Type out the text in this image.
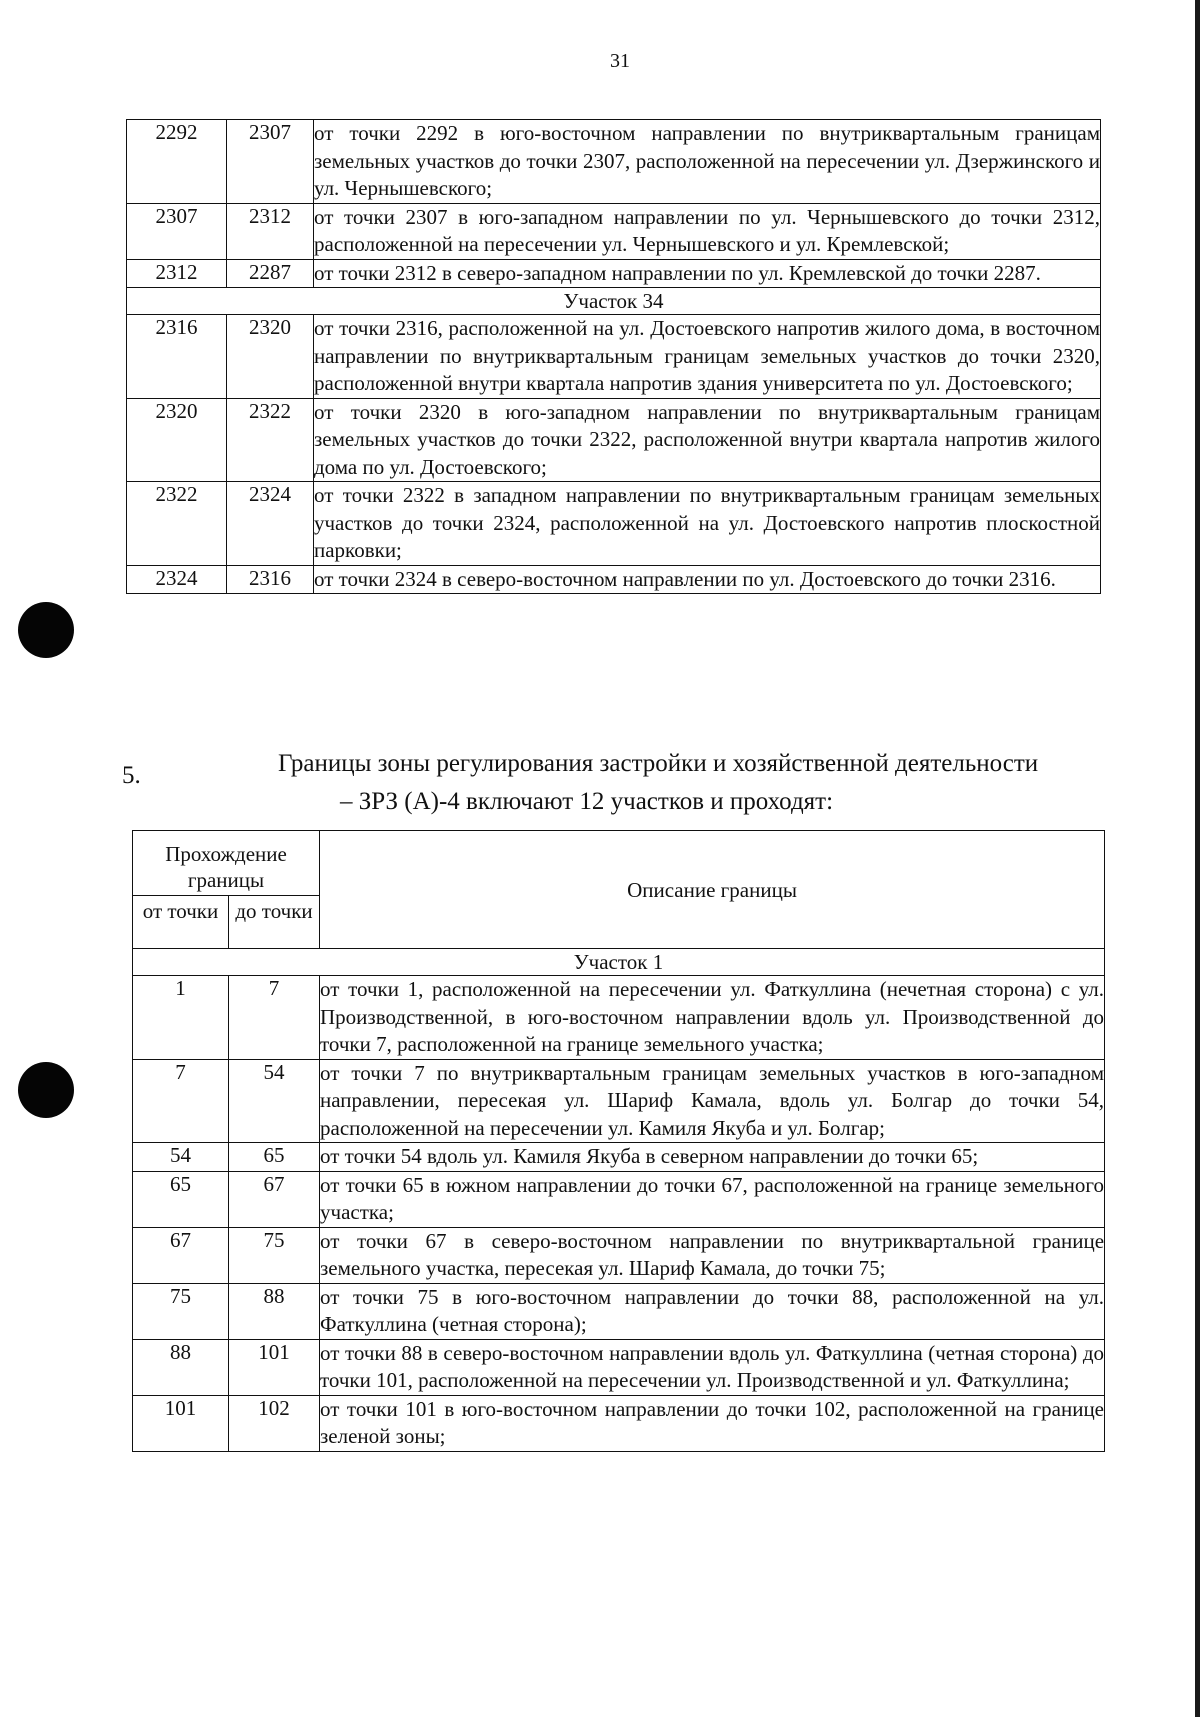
31
2292	2307	от точки 2292 в юго-восточном направлении по внутриквартальным границам земельных участков до точки 2307, расположенной на пересечении ул. Дзержинского и ул. Чернышевского;
2307	2312	от точки 2307 в юго-западном направлении по ул. Чернышевского до точки 2312, расположенной на пересечении ул. Чернышевского и ул. Кремлевской;
2312	2287	от точки 2312 в северо-западном направлении по ул. Кремлевской до точки 2287.
Участок 34		
2316	2320	от точки 2316, расположенной на ул. Достоевского напротив жилого дома, в восточном направлении по внутриквартальным границам земельных участков до точки 2320, расположенной внутри квартала напротив здания университета по ул. Достоевского;
2320	2322	от точки 2320 в юго-западном направлении по внутриквартальным границам земельных участков до точки 2322, расположенной внутри квартала напротив жилого дома по ул. Достоевского;
2322	2324	от точки 2322 в западном направлении по внутриквартальным границам земельных участков до точки 2324, расположенной на ул. Достоевского напротив плоскостной парковки;
2324	2316	от точки 2324 в северо-восточном направлении по ул. Достоевского до точки 2316.
5.	Границы зоны регулирования застройки и хозяйственной деятельности
– ЗРЗ (А)-4 включают 12 участков и проходят:
Прохождение границы		Описание границы
от точки	до точки	
Участок 1		
1	7	от точки 1, расположенной на пересечении ул. Фаткуллина (нечетная сторона) с ул. Производственной, в юго-восточном направлении вдоль ул. Производственной до точки 7, расположенной на границе земельного участка;
7	54	от точки 7 по внутриквартальным границам земельных участков в юго-западном направлении, пересекая ул. Шариф Камала, вдоль ул. Болгар до точки 54, расположенной на пересечении ул. Камиля Якуба и ул. Болгар;
54	65	от точки 54 вдоль ул. Камиля Якуба в северном направлении до точки 65;
65	67	от точки 65 в южном направлении до точки 67, расположенной на границе земельного участка;
67	75	от точки 67 в северо-восточном направлении по внутриквартальной границе земельного участка, пересекая ул. Шариф Камала, до точки 75;
75	88	от точки 75 в юго-восточном направлении до точки 88, расположенной на ул. Фаткуллина (четная сторона);
88	101	от точки 88 в северо-восточном направлении вдоль ул. Фаткуллина (четная сторона) до точки 101, расположенной на пересечении ул. Производственной и ул. Фаткуллина;
101	102	от точки 101 в юго-восточном направлении до точки 102, расположенной на границе зеленой зоны;
